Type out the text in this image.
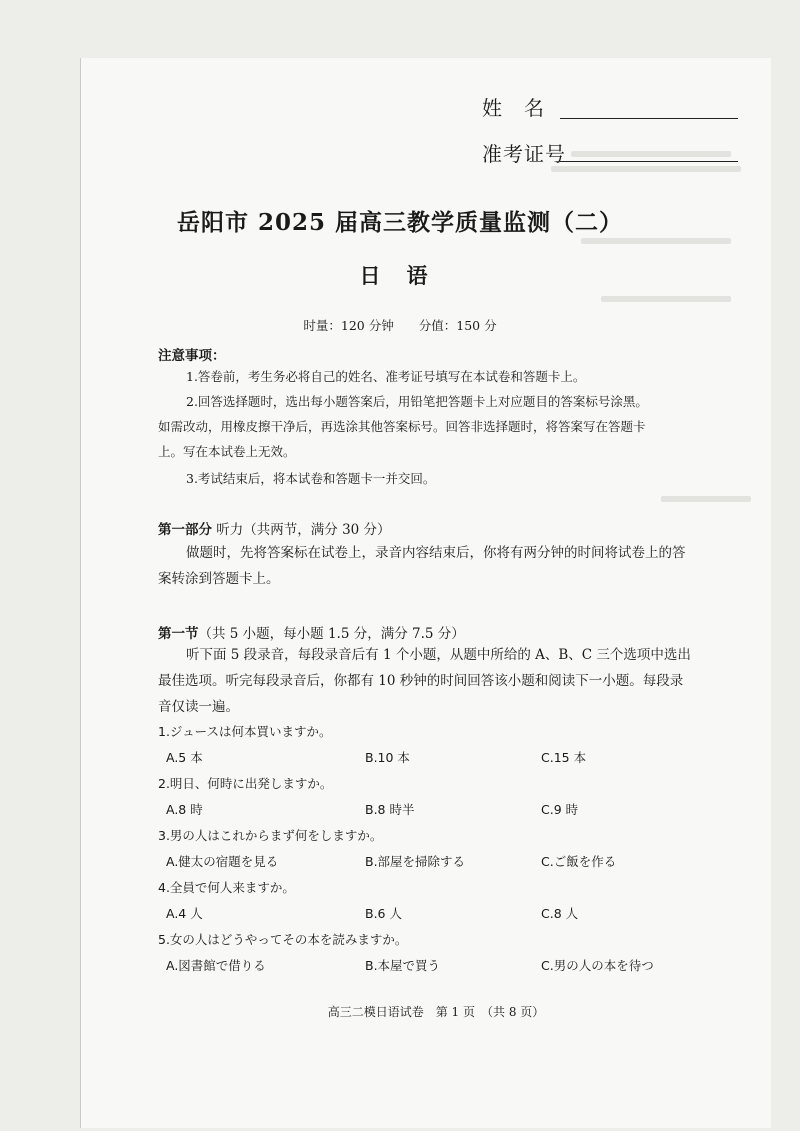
姓　名
准考证号
岳阳市 2025 届高三教学质量监测（二）
日语
时量：120 分钟　　分值：150 分
注意事项：
1.答卷前，考生务必将自己的姓名、准考证号填写在本试卷和答题卡上。
2.回答选择题时，选出每小题答案后，用铅笔把答题卡上对应题目的答案标号涂黑。
如需改动，用橡皮擦干净后，再选涂其他答案标号。回答非选择题时，将答案写在答题卡
上。写在本试卷上无效。
3.考试结束后，将本试卷和答题卡一并交回。
第一部分 听力（共两节，满分 30 分）
做题时，先将答案标在试卷上，录音内容结束后，你将有两分钟的时间将试卷上的答
案转涂到答题卡上。
第一节（共 5 小题，每小题 1.5 分，满分 7.5 分）
听下面 5 段录音，每段录音后有 1 个小题，从题中所给的 A、B、C 三个选项中选出
最佳选项。听完每段录音后，你都有 10 秒钟的时间回答该小题和阅读下一小题。每段录
音仅读一遍。
1.ジュースは何本買いますか。
A.5 本	B.10 本	C.15 本
2.明日、何時に出発しますか。
A.8 時	B.8 時半	C.9 時
3.男の人はこれからまず何をしますか。
A.健太の宿題を見る	B.部屋を掃除する	C.ご飯を作る
4.全員で何人来ますか。
A.4 人	B.6 人	C.8 人
5.女の人はどうやってその本を読みますか。
A.図書館で借りる	B.本屋で買う	C.男の人の本を待つ
高三二模日语试卷　第 1 页　（共 8 页）
